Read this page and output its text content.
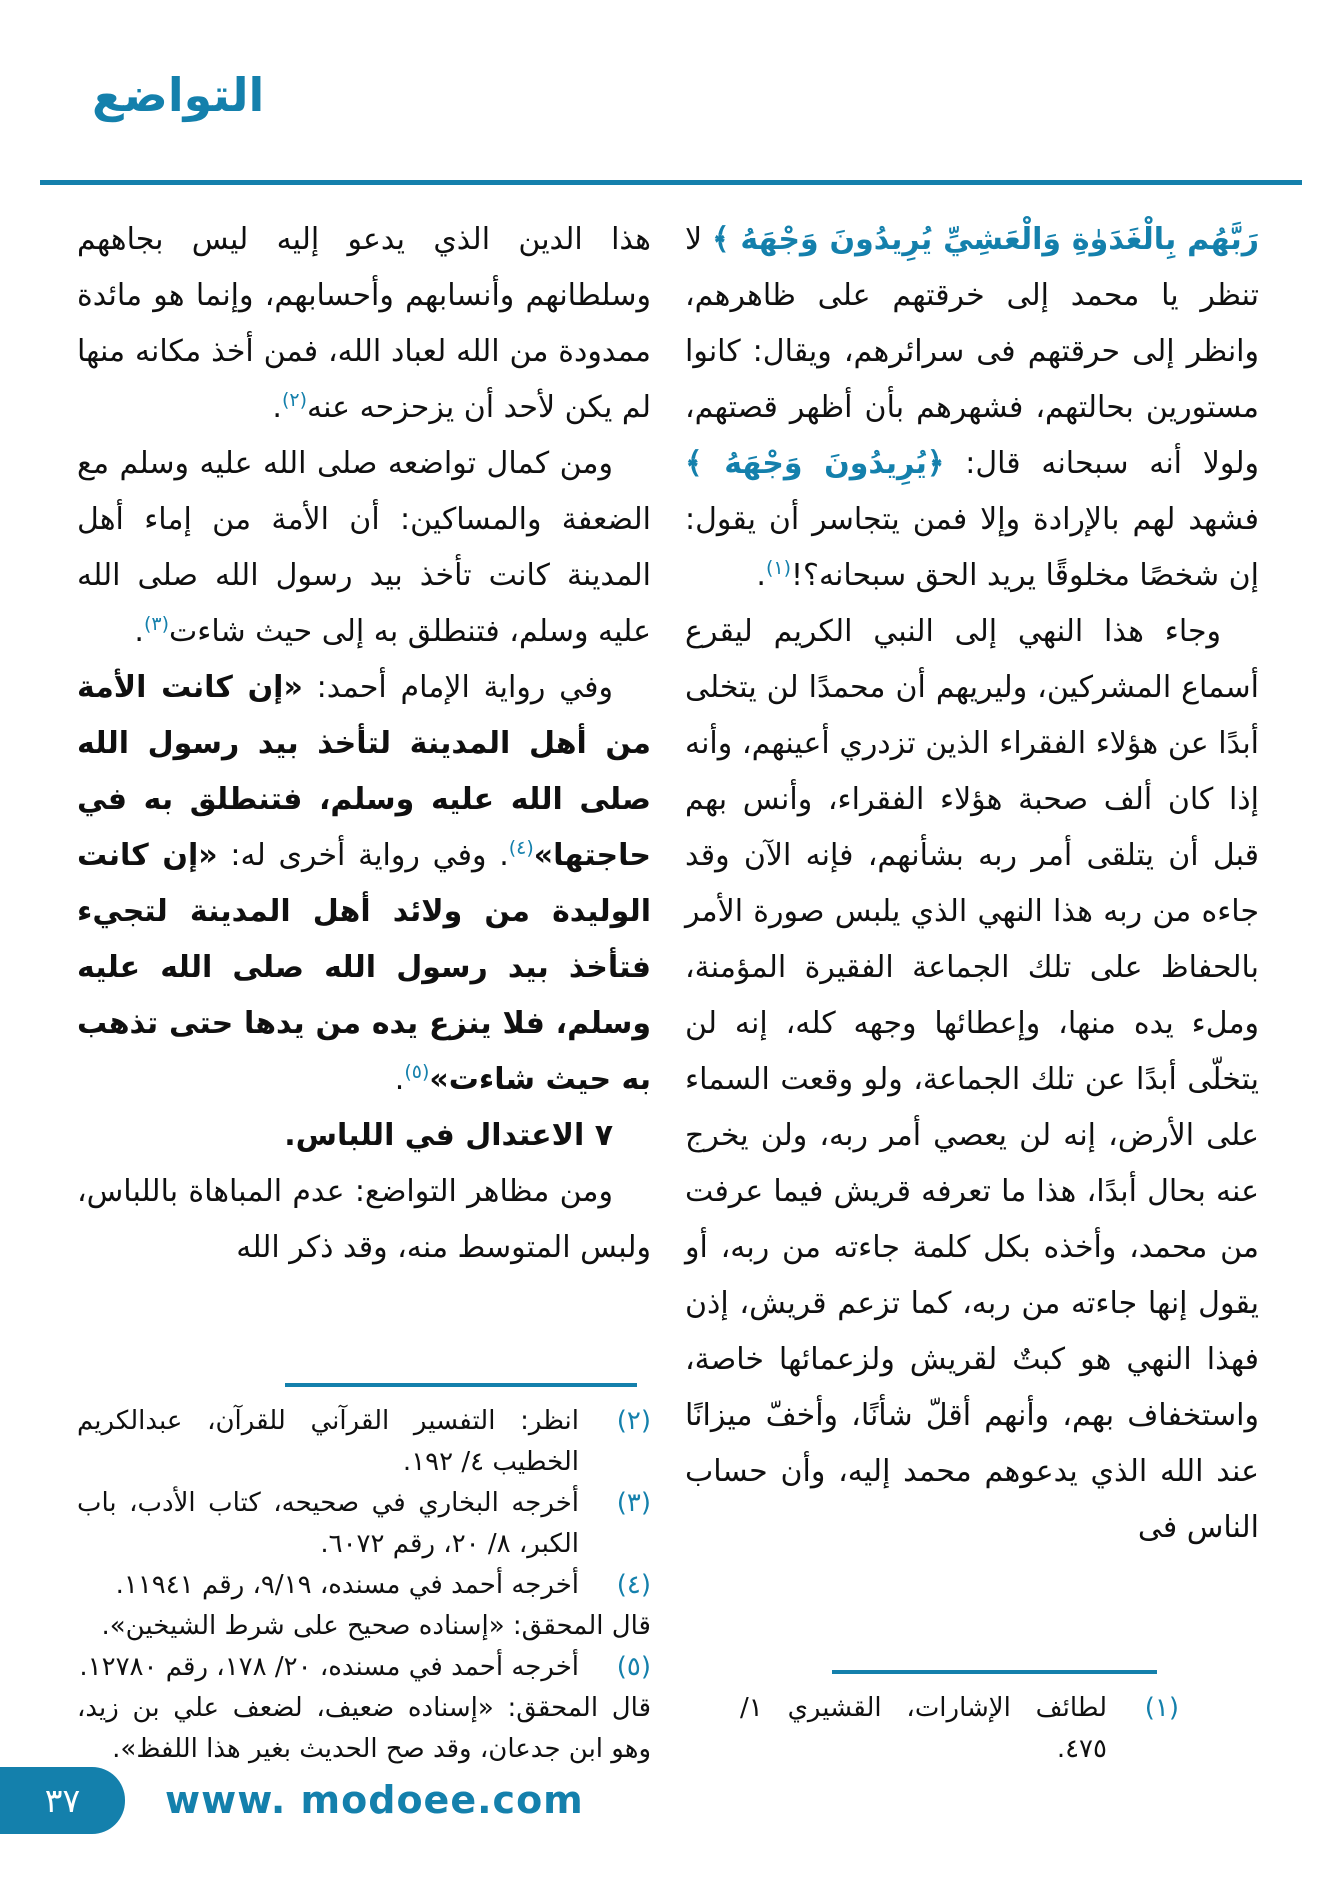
التواضع

رَبَّهُم بِالْغَدَوٰةِ وَالْعَشِيِّ يُرِيدُونَ وَجْهَهُ ﴾ لا تنظر يا محمد إلى خرقتهم على ظاهرهم، وانظر إلى حرقتهم فى سرائرهم، ويقال: كانوا مستورين بحالتهم، فشهرهم بأن أظهر قصتهم، ولولا أنه سبحانه قال: ﴿يُرِيدُونَ وَجْهَهُ ﴾ فشهد لهم بالإرادة وإلا فمن يتجاسر أن يقول: إن شخصًا مخلوقًا يريد الحق سبحانه؟!$^{(١)}$.

وجاء هذا النهي إلى النبي الكريم ليقرع أسماع المشركين، وليريهم أن محمدًا لن يتخلى أبدًا عن هؤلاء الفقراء الذين تزدري أعينهم، وأنه إذا كان ألف صحبة هؤلاء الفقراء، وأنس بهم قبل أن يتلقى أمر ربه بشأنهم، فإنه الآن وقد جاءه من ربه هذا النهي الذي يلبس صورة الأمر بالحفاظ على تلك الجماعة الفقيرة المؤمنة، وملء يده منها، وإعطائها وجهه كله، إنه لن يتخلّى أبدًا عن تلك الجماعة، ولو وقعت السماء على الأرض، إنه لن يعصي أمر ربه، ولن يخرج عنه بحال أبدًا، هذا ما تعرفه قريش فيما عرفت من محمد، وأخذه بكل كلمة جاءته من ربه، أو يقول إنها جاءته من ربه، كما تزعم قريش، إذن فهذا النهي هو كبتٌ لقريش ولزعمائها خاصة، واستخفاف بهم، وأنهم أقلّ شأنًا، وأخفّ ميزانًا عند الله الذي يدعوهم محمد إليه، وأن حساب الناس فى

(١)لطائف الإشارات، القشيري ١/ ٤٧٥.

هذا الدين الذي يدعو إليه ليس بجاههم وسلطانهم وأنسابهم وأحسابهم، وإنما هو مائدة ممدودة من الله لعباد الله، فمن أخذ مكانه منها لم يكن لأحد أن يزحزحه عنه$^{(٢)}$.

ومن كمال تواضعه صلى الله عليه وسلم مع الضعفة والمساكين: أن الأمة من إماء أهل المدينة كانت تأخذ بيد رسول الله صلى الله عليه وسلم، فتنطلق به إلى حيث شاءت$^{(٣)}$.

وفي رواية الإمام أحمد: «إن كانت الأمة من أهل المدينة لتأخذ بيد رسول الله صلى الله عليه وسلم، فتنطلق به في حاجتها»$^{(٤)}$. وفي رواية أخرى له: «إن كانت الوليدة من ولائد أهل المدينة لتجيء فتأخذ بيد رسول الله صلى الله عليه وسلم، فلا ينزع يده من يدها حتى تذهب به حيث شاءت»$^{(٥)}$.

٧ الاعتدال في اللباس.

ومن مظاهر التواضع: عدم المباهاة باللباس، ولبس المتوسط منه، وقد ذكر الله

(٢)انظر: التفسير القرآني للقرآن، عبدالكريم الخطيب ٤/ ١٩٢.
(٣)أخرجه البخاري في صحيحه، كتاب الأدب، باب الكبر، ٨/ ٢٠، رقم ٦٠٧٢.
(٤)أخرجه أحمد في مسنده، ٩/١٩، رقم ١١٩٤١.
قال المحقق: «إسناده صحيح على شرط الشيخين».
(٥)أخرجه أحمد في مسنده، ٢٠/ ١٧٨، رقم ١٢٧٨٠.
قال المحقق: «إسناده ضعيف، لضعف علي بن زيد، وهو ابن جدعان، وقد صح الحديث بغير هذا اللفظ».
٣٧ www. modoee.com
